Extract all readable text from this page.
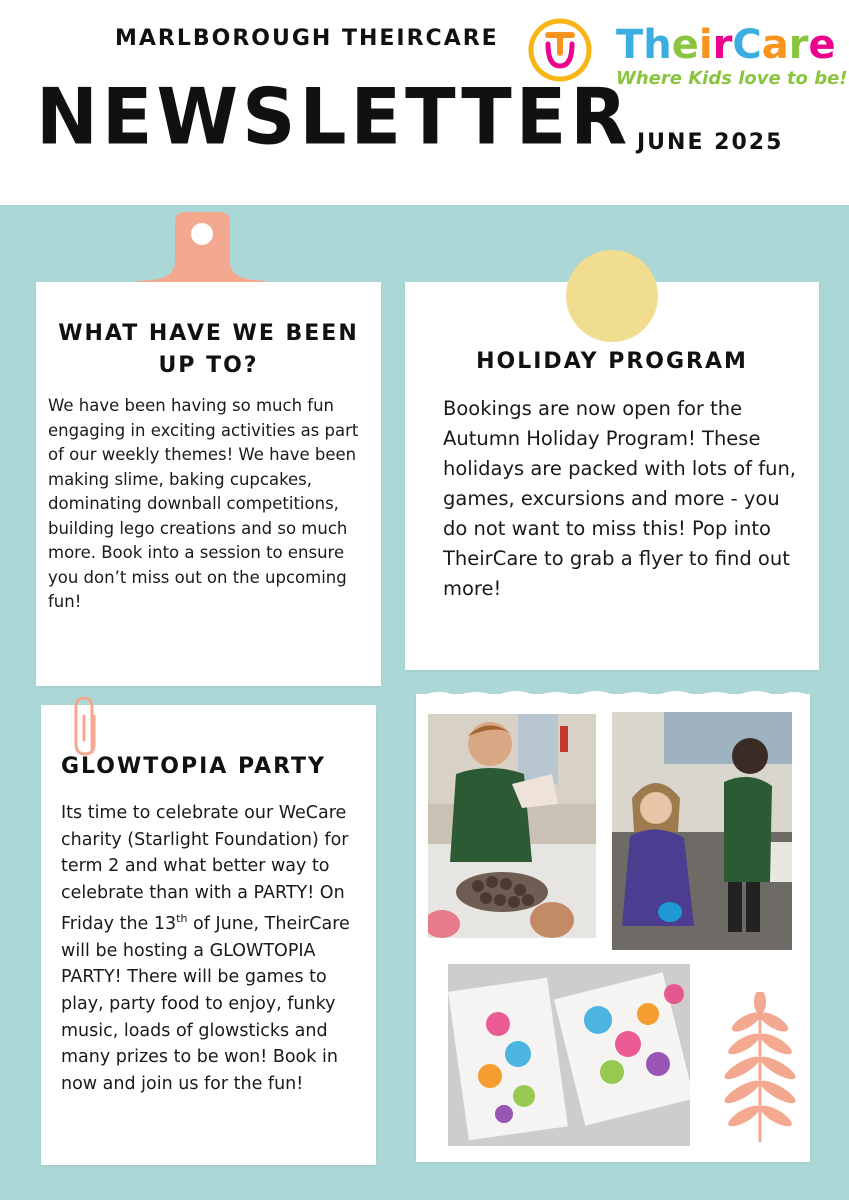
MARLBOROUGH THEIRCARE
NEWSLETTER JUNE 2025
TheirCare
Where Kids love to be!
WHAT HAVE WE BEEN UP TO?
We have been having so much fun engaging in exciting activities as part of our weekly themes! We have been making slime, baking cupcakes, dominating downball competitions, building lego creations and so much more. Book into a session to ensure you don’t miss out on the upcoming fun!
HOLIDAY PROGRAM
Bookings are now open for the Autumn Holiday Program! These holidays are packed with lots of fun, games, excursions and more - you do not want to miss this! Pop into TheirCare to grab a flyer to find out more!
GLOWTOPIA PARTY
Its time to celebrate our WeCare charity (Starlight Foundation) for term 2 and what better way to celebrate than with a PARTY! On Friday the 13th of June, TheirCare will be hosting a GLOWTOPIA PARTY! There will be games to play, party food to enjoy, funky music, loads of glowsticks and many prizes to be won! Book in now and join us for the fun!
